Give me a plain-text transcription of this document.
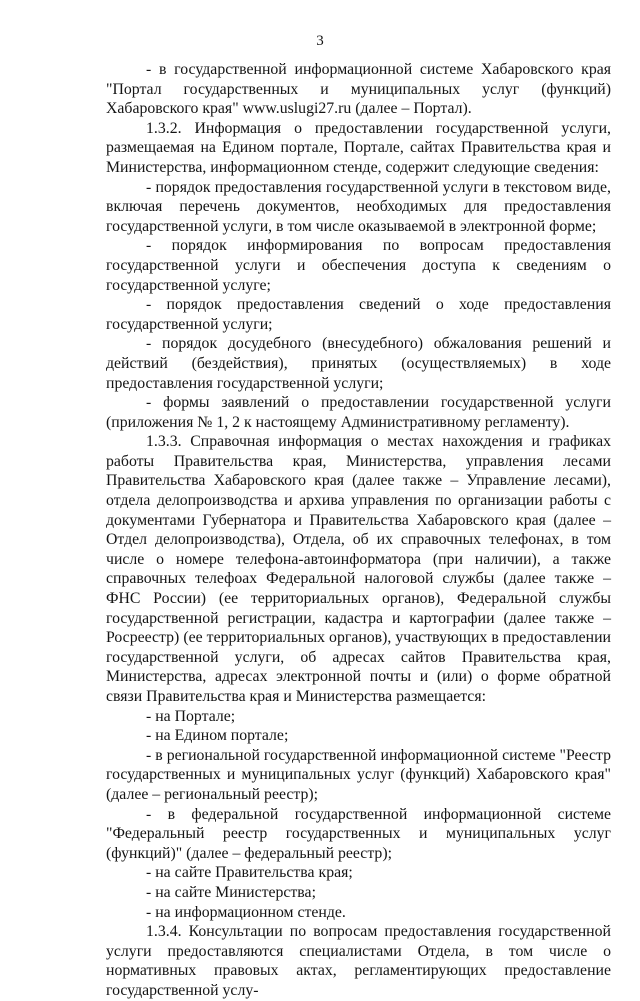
3

- в государственной информационной системе Хабаровского края "Портал государственных и муниципальных услуг (функций) Хабаровского края" www.uslugi27.ru (далее – Портал).

1.3.2. Информация о предоставлении государственной услуги, размещаемая на Едином портале, Портале, сайтах Правительства края и Министерства, информационном стенде, содержит следующие сведения:

- порядок предоставления государственной услуги в текстовом виде, включая перечень документов, необходимых для предоставления государственной услуги, в том числе оказываемой в электронной форме;

- порядок информирования по вопросам предоставления государственной услуги и обеспечения доступа к сведениям о государственной услуге;

- порядок предоставления сведений о ходе предоставления государственной услуги;

- порядок досудебного (внесудебного) обжалования решений и действий (бездействия), принятых (осуществляемых) в ходе предоставления государственной услуги;

- формы заявлений о предоставлении государственной услуги (приложения № 1, 2 к настоящему Административному регламенту).

1.3.3. Справочная информация о местах нахождения и графиках работы Правительства края, Министерства, управления лесами Правительства Хабаровского края (далее также – Управление лесами), отдела делопроизводства и архива управления по организации работы с документами Губернатора и Правительства Хабаровского края (далее – Отдел делопроизводства), Отдела, об их справочных телефонах, в том числе о номере телефона-автоинформатора (при наличии), а также справочных телефоах Федеральной налоговой службы (далее также – ФНС России) (ее территориальных органов), Федеральной службы государственной регистрации, кадастра и картографии (далее также – Росреестр) (ее территориальных органов), участвующих в предоставлении государственной услуги, об адресах сайтов Правительства края, Министерства, адресах электронной почты и (или) о форме обратной связи Правительства края и Министерства размещается:

- на Портале;

- на Едином портале;

- в региональной государственной информационной системе "Реестр государственных и муниципальных услуг (функций) Хабаровского края" (далее – региональный реестр);

- в федеральной государственной информационной системе "Федеральный реестр государственных и муниципальных услуг (функций)" (далее – федеральный реестр);

- на сайте Правительства края;

- на сайте Министерства;

- на информационном стенде.

1.3.4. Консультации по вопросам предоставления государственной услуги предоставляются специалистами Отдела, в том числе о нормативных правовых актах, регламентирующих предоставление государственной услу-
